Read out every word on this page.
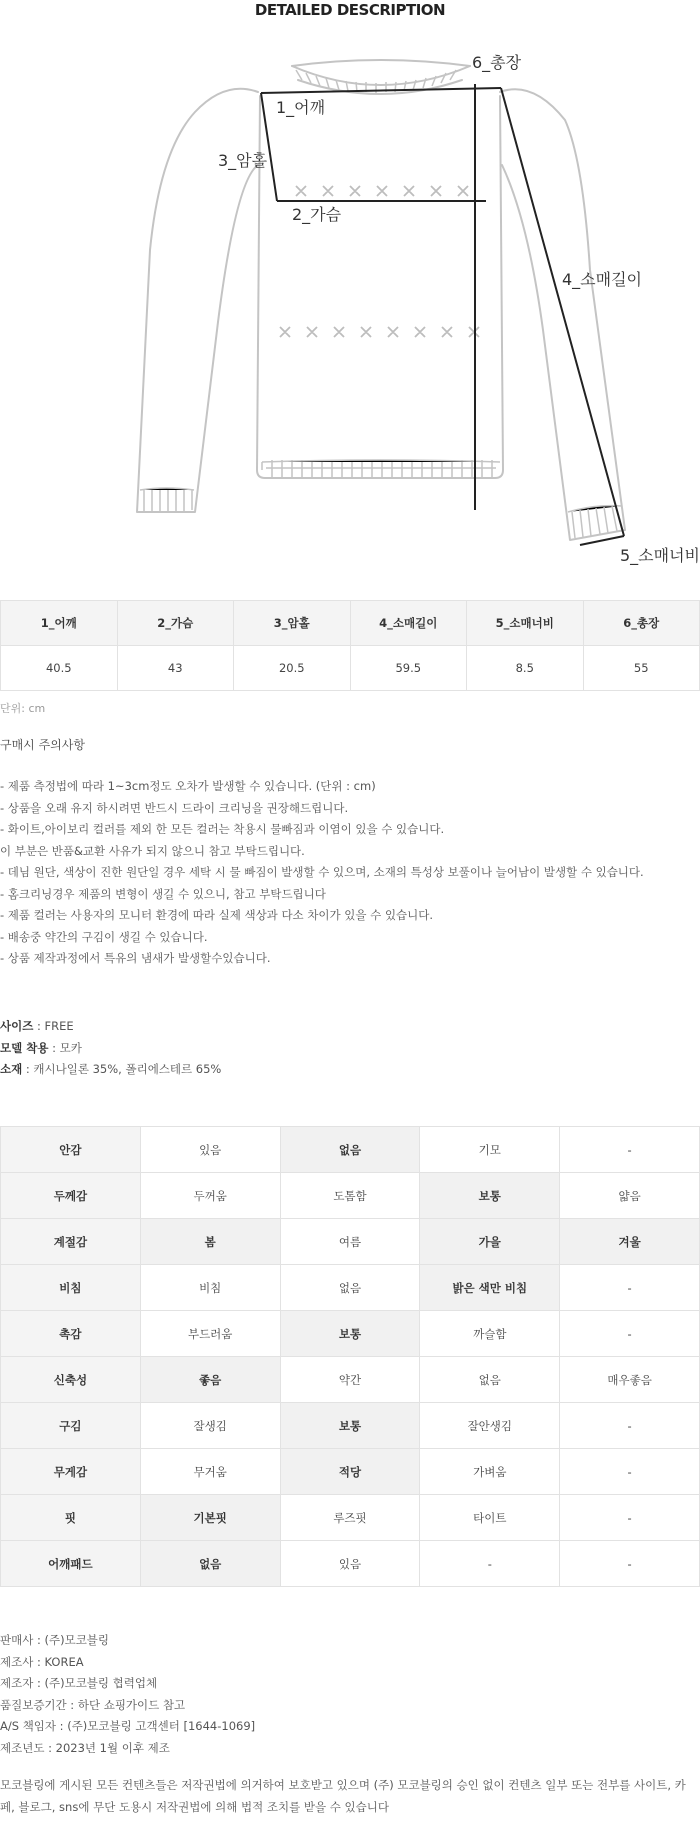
DETAILED DESCRIPTION
1_어깨
2_가슴
3_암홀
4_소매길이
5_소매너비
6_총장
1_어깨	2_가슴	3_암홀	4_소매길이	5_소매너비	6_총장
40.5	43	20.5	59.5	8.5	55
단위: cm
구매시 주의사항
- 제품 측정법에 따라 1~3cm정도 오차가 발생할 수 있습니다. (단위 : cm)
- 상품을 오래 유지 하시려면 반드시 드라이 크리닝을 권장해드립니다.
- 화이트,아이보리 컬러를 제외 한 모든 컬러는 착용시 물빠짐과 이염이 있을 수 있습니다.
이 부분은 반품&교환 사유가 되지 않으니 참고 부탁드립니다.
- 데님 원단, 색상이 진한 원단일 경우 세탁 시 물 빠짐이 발생할 수 있으며, 소재의 특성상 보풀이나 늘어남이 발생할 수 있습니다.
- 홈크리닝경우 제품의 변형이 생길 수 있으니, 참고 부탁드립니다
- 제품 컬러는 사용자의 모니터 환경에 따라 실제 색상과 다소 차이가 있을 수 있습니다.
- 배송중 약간의 구김이 생길 수 있습니다.
- 상품 제작과정에서 특유의 냄새가 발생할수있습니다.
사이즈 : FREE
모델 착용 : 모카
소재 : 캐시나일론 35%, 폴리에스테르 65%
안감	있음	없음	기모	-
두께감	두꺼움	도톰함	보통	얇음
계절감	봄	여름	가을	겨울
비침	비침	없음	밝은 색만 비침	-
촉감	부드러움	보통	까슬함	-
신축성	좋음	약간	없음	매우좋음
구김	잘생김	보통	잘안생김	-
무게감	무거움	적당	가벼움	-
핏	기본핏	루즈핏	타이트	-
어깨패드	없음	있음	-	-
판매사 : (주)모코블링
제조사 : KOREA
제조자 : (주)모코블링 협력업체
품질보증기간 : 하단 쇼핑가이드 참고
A/S 책임자 : (주)모코블링 고객센터 [1644-1069]
제조년도 : 2023년 1월 이후 제조
모코블링에 게시된 모든 컨텐츠들은 저작권법에 의거하여 보호받고 있으며 (주) 모코블링의 승인 없이 컨텐츠 일부 또는 전부를 사이트, 카페, 블로그, sns에 무단 도용시 저작권법에 의해 법적 조치를 받을 수 있습니다
